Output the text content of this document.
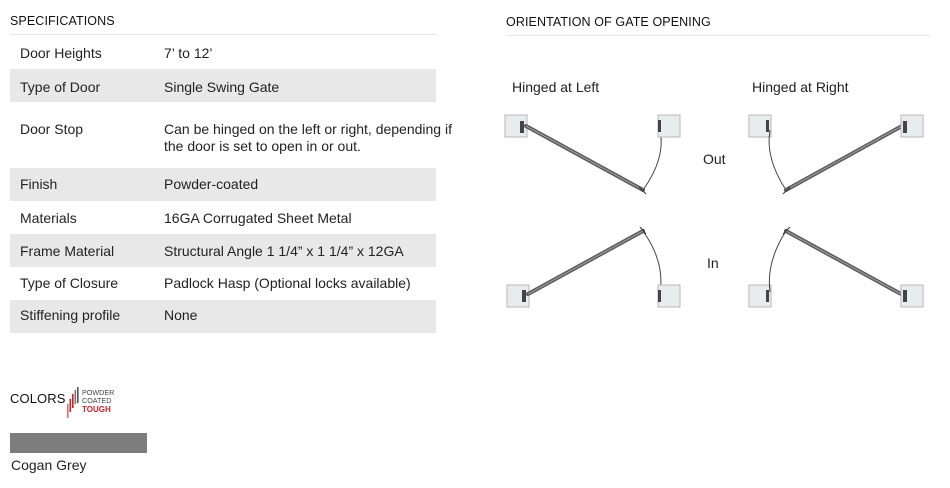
SPECIFICATIONS
Door Heights	7’ to 12’
Type of Door	Single Swing Gate
Door Stop	Can be hinged on the left or right, depending if the door is set to open in or out.
Finish	Powder-coated
Materials	16GA Corrugated Sheet Metal
Frame Material	Structural Angle 1 1/4” x 1 1/4” x 12GA
Type of Closure	Padlock Hasp (Optional locks available)
Stiffening profile	None
ORIENTATION OF GATE OPENING
Hinged at Left	Hinged at Right
Out
In
COLORS POWDER
COATED
TOUGH
Cogan Grey
